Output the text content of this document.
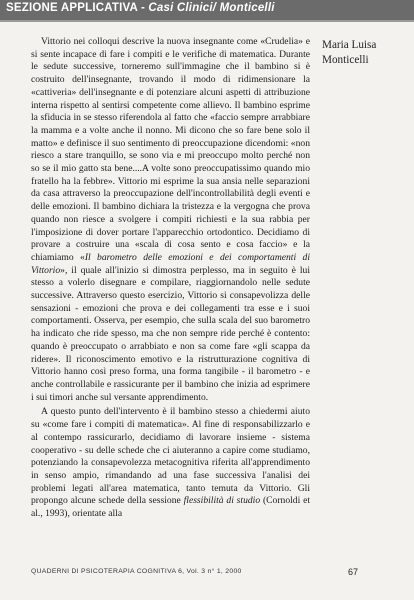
SEZIONE APPLICATIVA - Casi Clinici/ Monticelli
Maria Luisa
Monticelli

Vittorio nei colloqui descrive la nuova insegnante come «Crudelia» e si sente incapace di fare i compiti e le verifiche di matematica. Durante le sedute successive, torneremo sull'immagine che il bambino si è costruito dell'insegnante, trovando il modo di ridimensionare la «cattiveria» dell'insegnante e di potenziare alcuni aspetti di attribuzione interna rispetto al sentirsi competente come allievo. Il bambino esprime la sfiducia in se stesso riferendola al fatto che «faccio sempre arrabbiare la mamma e a volte anche il nonno. Mi dicono che so fare bene solo il matto» e definisce il suo sentimento di preoccupazione dicendomi: «non riesco a stare tranquillo, se sono via e mi preoccupo molto perché non so se il mio gatto sta bene....A volte sono preoccupatissimo quando mio fratello ha la febbre». Vittorio mi esprime la sua ansia nelle separazioni da casa attraverso la preoccupazione dell'incontrollabilità degli eventi e delle emozioni. Il bambino dichiara la tristezza e la vergogna che prova quando non riesce a svolgere i compiti richiesti e la sua rabbia per l'imposizione di dover portare l'apparecchio ortodontico. Decidiamo di provare a costruire una «scala di cosa sento e cosa faccio» e la chiamiamo «Il barometro delle emozioni e dei comportamenti di Vittorio», il quale all'inizio si dimostra perplesso, ma in seguito è lui stesso a volerlo disegnare e compilare, riaggiornandolo nelle sedute successive. Attraverso questo esercizio, Vittorio si consapevolizza delle sensazioni - emozioni che prova e dei collegamenti tra esse e i suoi comportamenti. Osserva, per esempio, che sulla scala del suo barometro ha indicato che ride spesso, ma che non sempre ride perché è contento: quando è preoccupato o arrabbiato e non sa come fare «gli scappa da ridere». Il riconoscimento emotivo e la ristrutturazione cognitiva di Vittorio hanno così preso forma, una forma tangibile - il barometro - e anche controllabile e rassicurante per il bambino che inizia ad esprimere i sui timori anche sul versante apprendimento.

A questo punto dell'intervento è il bambino stesso a chiedermi aiuto su «come fare i compiti di matematica». Al fine di responsabilizzarlo e al contempo rassicurarlo, decidiamo di lavorare insieme - sistema cooperativo - su delle schede che ci aiuteranno a capire come studiamo, potenziando la consapevolezza metacognitiva riferita all'apprendimento in senso ampio, rimandando ad una fase successiva l'analisi dei problemi legati all'area matematica, tanto temuta da Vittorio. Gli propongo alcune schede della sessione flessibilità di studio (Cornoldi et al., 1993), orientate alla

QUADERNI DI PSICOTERAPIA COGNITIVA 6, Vol. 3 n° 1, 2000	67
